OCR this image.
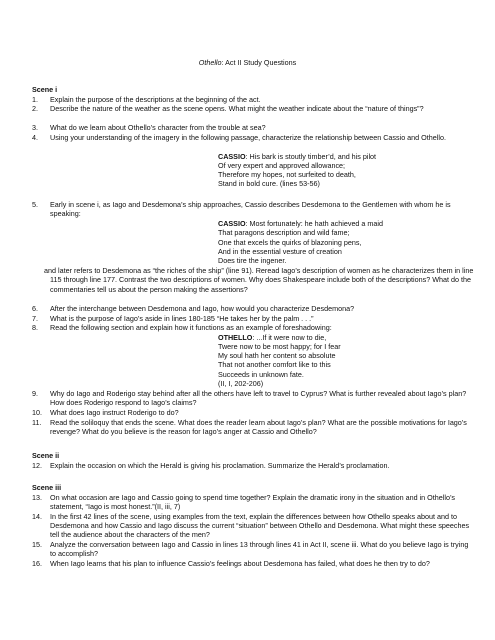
Othello: Act II Study Questions
Scene i
1. Explain the purpose of the descriptions at the beginning of the act.
2. Describe the nature of the weather as the scene opens. What might the weather indicate about the “nature of things”?
3. What do we learn about Othello’s character from the trouble at sea?
4. Using your understanding of the imagery in the following passage, characterize the relationship between Cassio and Othello.
CASSIO: His bark is stoutly timber’d, and his pilot
Of very expert and approved allowance;
Therefore my hopes, not surfeited to death,
Stand in bold cure. (lines 53-56)
5. Early in scene i, as Iago and Desdemona’s ship approaches, Cassio describes Desdemona to the Gentlemen with whom he is speaking:
CASSIO: Most fortunately: he hath achieved a maid
That paragons description and wild fame;
One that excels the quirks of blazoning pens,
And in the essential vesture of creation
Does tire the ingener.
and later refers to Desdemona as “the riches of the ship” (line 91). Reread Iago’s description of women as he characterizes them in line 115 through line 177. Contrast the two descriptions of women. Why does Shakespeare include both of the descriptions? What do the commentaries tell us about the person making the assertions?
6. After the interchange between Desdemona and Iago, how would you characterize Desdemona?
7. What is the purpose of Iago’s aside in lines 180-185 “He takes her by the palm . . .”
8. Read the following section and explain how it functions as an example of foreshadowing:
OTHELLO: ...If it were now to die,
Twere now to be most happy; for I fear
My soul hath her content so absolute
That not another comfort like to this
Succeeds in unknown fate.
(II, I, 202-206)
9. Why do Iago and Roderigo stay behind after all the others have left to travel to Cyprus? What is further revealed about Iago’s plan? How does Roderigo respond to Iago’s claims?
10. What does Iago instruct Roderigo to do?
11. Read the soliloquy that ends the scene. What does the reader learn about Iago’s plan? What are the possible motivations for Iago’s revenge? What do you believe is the reason for Iago’s anger at Cassio and Othello?
Scene ii
12. Explain the occasion on which the Herald is giving his proclamation. Summarize the Herald’s proclamation.
Scene iii
13. On what occasion are Iago and Cassio going to spend time together? Explain the dramatic irony in the situation and in Othello’s statement, “Iago is most honest.”(II, iii, 7)
14. In the first 42 lines of the scene, using examples from the text, explain the differences between how Othello speaks about and to Desdemona and how Cassio and Iago discuss the current “situation” between Othello and Desdemona. What might these speeches tell the audience about the characters of the men?
15. Analyze the conversation between Iago and Cassio in lines 13 through lines 41 in Act II, scene iii. What do you believe Iago is trying to accomplish?
16. When Iago learns that his plan to influence Cassio’s feelings about Desdemona has failed, what does he then try to do?
